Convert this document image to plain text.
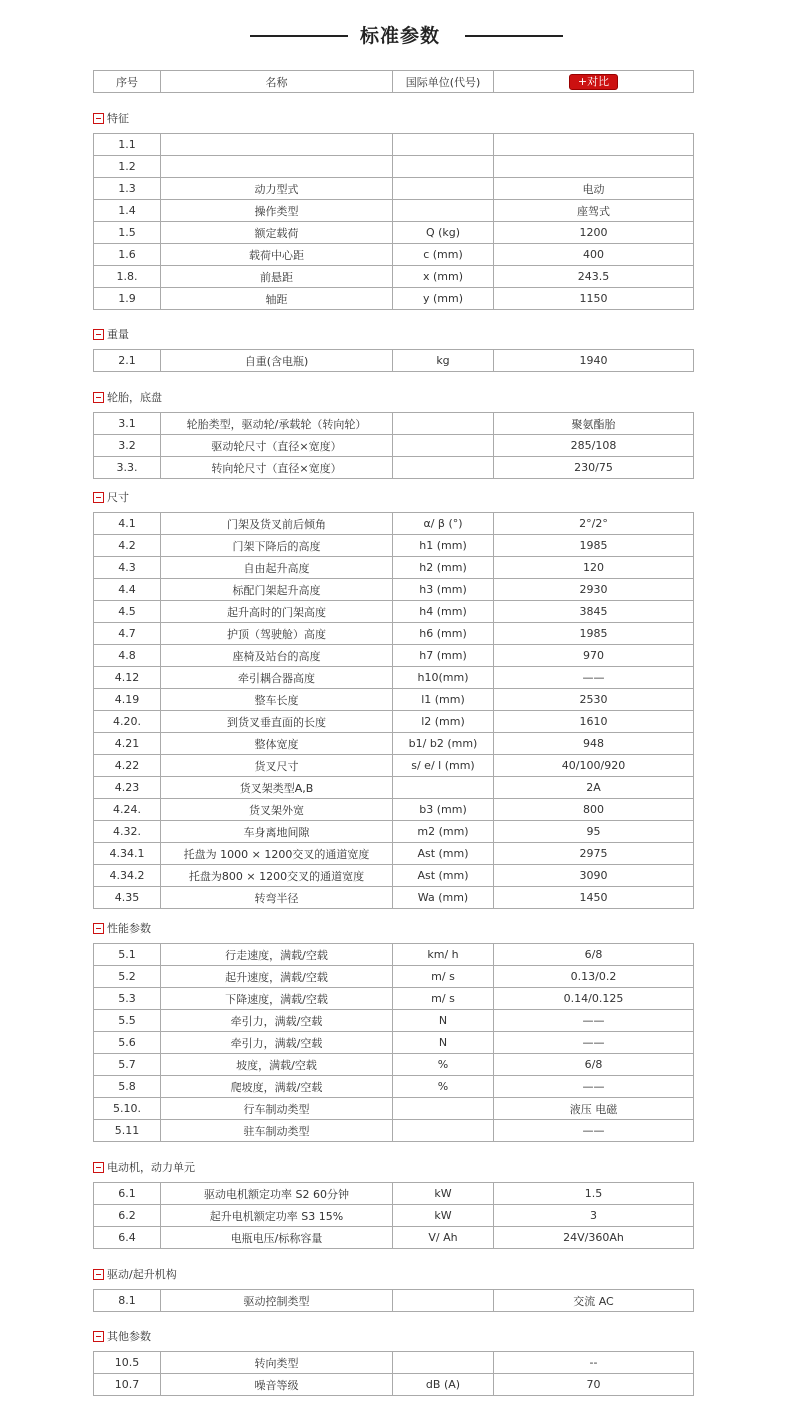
标准参数
序号	名称	国际单位(代号)	+对比
特征
1.1			
1.2			
1.3	动力型式		电动
1.4	操作类型		座驾式
1.5	额定载荷	Q (kg)	1200
1.6	载荷中心距	c (mm)	400
1.8.	前悬距	x (mm)	243.5
1.9	轴距	y (mm)	1150
重量
2.1	自重(含电瓶)	kg	1940
轮胎，底盘
3.1	轮胎类型，驱动轮/承载轮（转向轮）		聚氨酯胎
3.2	驱动轮尺寸（直径×宽度）		285/108
3.3.	转向轮尺寸（直径×宽度）		230/75
尺寸
4.1	门架及货叉前后倾角	α/ β (°)	2°/2°
4.2	门架下降后的高度	h1 (mm)	1985
4.3	自由起升高度	h2 (mm)	120
4.4	标配门架起升高度	h3 (mm)	2930
4.5	起升高时的门架高度	h4 (mm)	3845
4.7	护顶（驾驶舱）高度	h6 (mm)	1985
4.8	座椅及站台的高度	h7 (mm)	970
4.12	牵引耦合器高度	h10(mm)	——
4.19	整车长度	l1 (mm)	2530
4.20.	到货叉垂直面的长度	l2 (mm)	1610
4.21	整体宽度	b1/ b2 (mm)	948
4.22	货叉尺寸	s/ e/ l (mm)	40/100/920
4.23	货叉架类型A,B		2A
4.24.	货叉架外宽	b3 (mm)	800
4.32.	车身离地间隙	m2 (mm)	95
4.34.1	托盘为 1000 × 1200交叉的通道宽度	Ast (mm)	2975
4.34.2	托盘为800 × 1200交叉的通道宽度	Ast (mm)	3090
4.35	转弯半径	Wa (mm)	1450
性能参数
5.1	行走速度，满载/空载	km/ h	6/8
5.2	起升速度，满载/空载	m/ s	0.13/0.2
5.3	下降速度，满载/空载	m/ s	0.14/0.125
5.5	牵引力，满载/空载	N	——
5.6	牵引力，满载/空载	N	——
5.7	坡度，满载/空载	%	6/8
5.8	爬坡度，满载/空载	%	——
5.10.	行车制动类型		液压 电磁
5.11	驻车制动类型		——
电动机，动力单元
6.1	驱动电机额定功率 S2 60分钟	kW	1.5
6.2	起升电机额定功率 S3 15%	kW	3
6.4	电瓶电压/标称容量	V/ Ah	24V/360Ah
驱动/起升机构
8.1	驱动控制类型		交流 AC
其他参数
10.5	转向类型		--
10.7	噪音等级	dB (A)	70
